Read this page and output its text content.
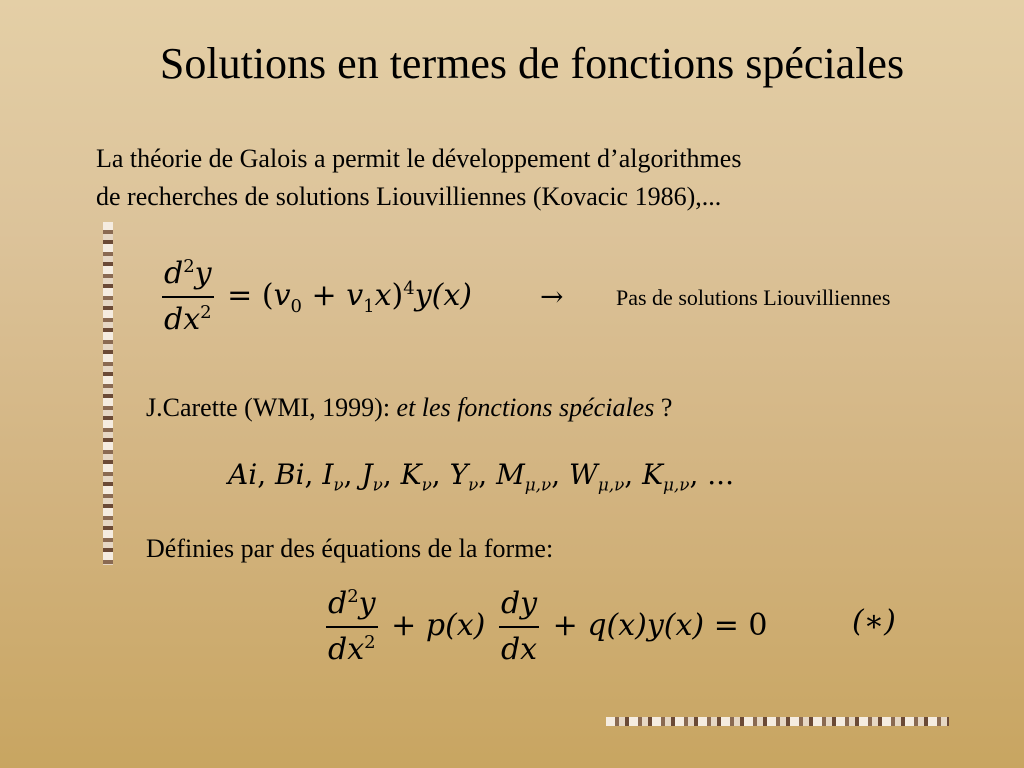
Solutions en termes de fonctions spéciales
La théorie de Galois a permit le développement d’algorithmes
de recherches de solutions Liouvilliennes (Kovacic 1986),...
$\frac{d^2y}{dx^2} = (v_0 + v_1x)^4y(x)$ → Pas de solutions Liouvilliennes
J.Carette (WMI, 1999): et les fonctions spéciales ?
Ai, Bi, $I_\nu$, $J_\nu$, $K_\nu$, $Y_\nu$, $M_{\mu,\nu}$, $W_{\mu,\nu}$, $K_{\mu,\nu}$, ...
Définies par des équations de la forme:
$\frac{d^2y}{dx^2} + p(x) \frac{dy}{dx} + q(x)y(x) = 0$	(∗)
